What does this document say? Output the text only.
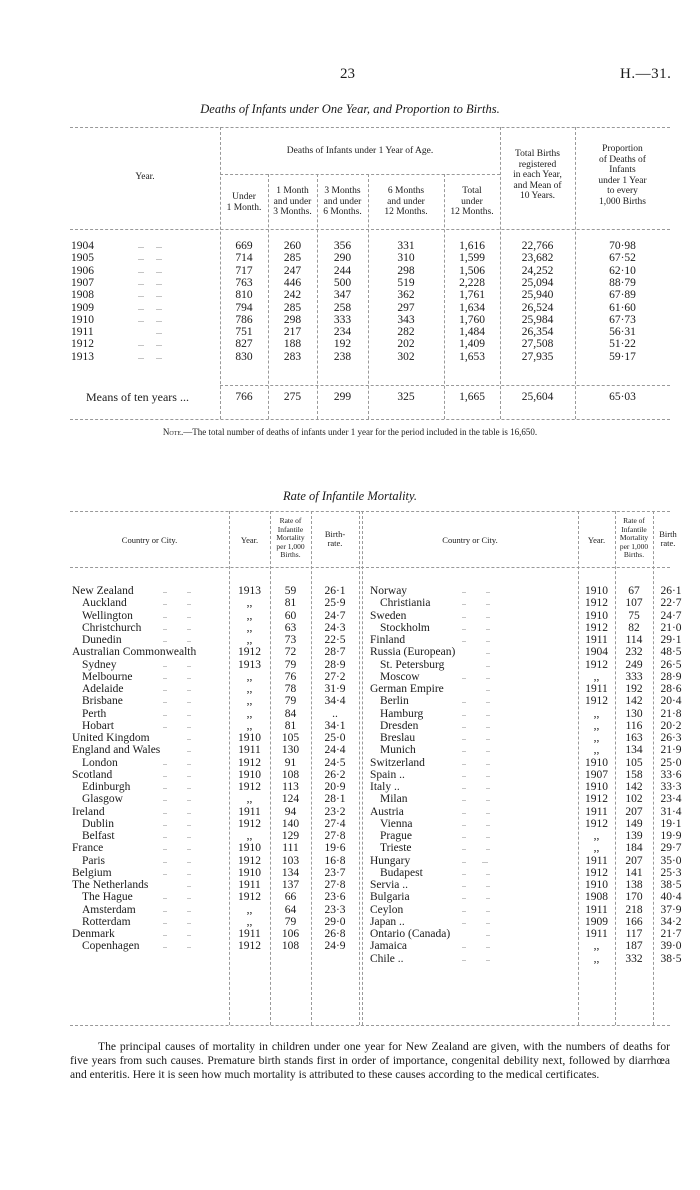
23	H.—31.
Deaths of Infants under One Year, and Proportion to Births.
Year.
Deaths of Infants under 1 Year of Age.
Under
1 Month.
1 Month
and under
3 Months.
3 Months
and under
6 Months.
6 Months
and under
12 Months.
Total
under
12 Months.
Total Births
registered
in each Year,
and Mean of
10 Years.
Proportion
of Deaths of
Infants
under 1 Year
to every
1,000 Births
1904	...      ...	669	260	356	331	1,616	22,766	70·98
1905	...      ...	714	285	290	310	1,599	23,682	67·52
1906	...      ...	717	247	244	298	1,506	24,252	62·10
1907	...      ...	763	446	500	519	2,228	25,094	88·79
1908	...      ...	810	242	347	362	1,761	25,940	67·89
1909	...      ...	794	285	258	297	1,634	26,524	61·60
1910	...      ...	786	298	333	343	1,760	25,984	67·73
1911	...	751	217	234	282	1,484	26,354	56·31
1912	...      ...	827	188	192	202	1,409	27,508	51·22
1913	...      ...	830	283	238	302	1,653	27,935	59·17
Means of ten years ...	766	275	299	325	1,665	25,604	65·03
Note.—The total number of deaths of infants under 1 year for the period included in the table is 16,650.
Rate of Infantile Mortality.
Country or City.	Year.
Rate of
Infantile
Mortality
per 1,000
Births.
Birth-
rate.	Country or City.	Year.
Rate of
Infantile
Mortality
per 1,000
Births.
Birth
rate.
New Zealand	..          ..	1913	59	26·1
Auckland	..          ..	,,	81	25·9
Wellington	..          ..	,,	60	24·7
Christchurch	..          ..	,,	63	24·3
Dunedin	..          ..	,,	73	22·5
Australian Commonwealth	1912	72	28·7
Sydney	..          ..	1913	79	28·9
Melbourne	..          ..	,,	76	27·2
Adelaide	..          ..	,,	78	31·9
Brisbane	..          ..	,,	79	34·4
Perth	..          ..	,,	84	..
Hobart	..          ..	,,	81	34·1
United Kingdom ..	1910	105	25·0
England and Wales ..	1911	130	24·4
London	..          ..	1912	91	24·5
Scotland	..          ..	1910	108	26·2
Edinburgh	..          ..	1912	113	20·9
Glasgow	..          ..	,,	124	28·1
Ireland	..          ..	1911	94	23·2
Dublin	..          ..	1912	140	27·4
Belfast	..          ..	,,	129	27·8
France	..          ..	1910	111	19·6
Paris	..          ..	1912	103	16·8
Belgium	..          ..	1910	134	23·7
The Netherlands ..	1911	137	27·8
The Hague	..          ..	1912	66	23·6
Amsterdam	..          ..	,,	64	23·3
Rotterdam	..          ..	,,	79	29·0
Denmark	..          ..	1911	106	26·8
Copenhagen	..          ..	1912	108	24·9
Norway	..          ..	1910	67	26·1
Christiania	..          ..	1912	107	22·7
Sweden	..          ..	1910	75	24·7
Stockholm	..          ..	1912	82	21·0
Finland	..          ..	1911	114	29·1
Russia (European) ..	1904	232	48·5
St. Petersburg ..	1912	249	26·5
Moscow	..          ..	,,	333	28·9
German Empire ..	1911	192	28·6
Berlin	..          ..	1912	142	20·4
Hamburg	..          ..	,,	130	21·8
Dresden	..          ..	,,	116	20·2
Breslau	..          ..	,,	163	26·3
Munich	..          ..	,,	134	21·9
Switzerland	..          ..	1910	105	25·0
Spain ..	..          ..	1907	158	33·6
Italy ..	..          ..	1910	142	33·3
Milan	..          ..	1912	102	23·4
Austria	..          ..	1911	207	31·4
Vienna	..          ..	1912	149	19·1
Prague	..          ..	,,	139	19·9
Trieste	..          ..	,,	184	29·7
Hungary	..        ...	1911	207	35·0
Budapest	..          ..	1912	141	25·3
Servia ..	..          ..	1910	138	38·5
Bulgaria	..          ..	1908	170	40·4
Ceylon	..          ..	1911	218	37·9
Japan ..	..          ..	1909	166	34·2
Ontario (Canada) ..	1911	117	21·7
Jamaica	..          ..	,,	187	39·0
Chile ..	..          ..	,,	332	38·5

The principal causes of mortality in children under one year for New Zealand are given, with the numbers of deaths for five years from such causes. Premature birth stands first in order of importance, congenital debility next, followed by diarrhœa and enteritis. Here it is seen how much mortality is attributed to these causes according to the medical certificates.
